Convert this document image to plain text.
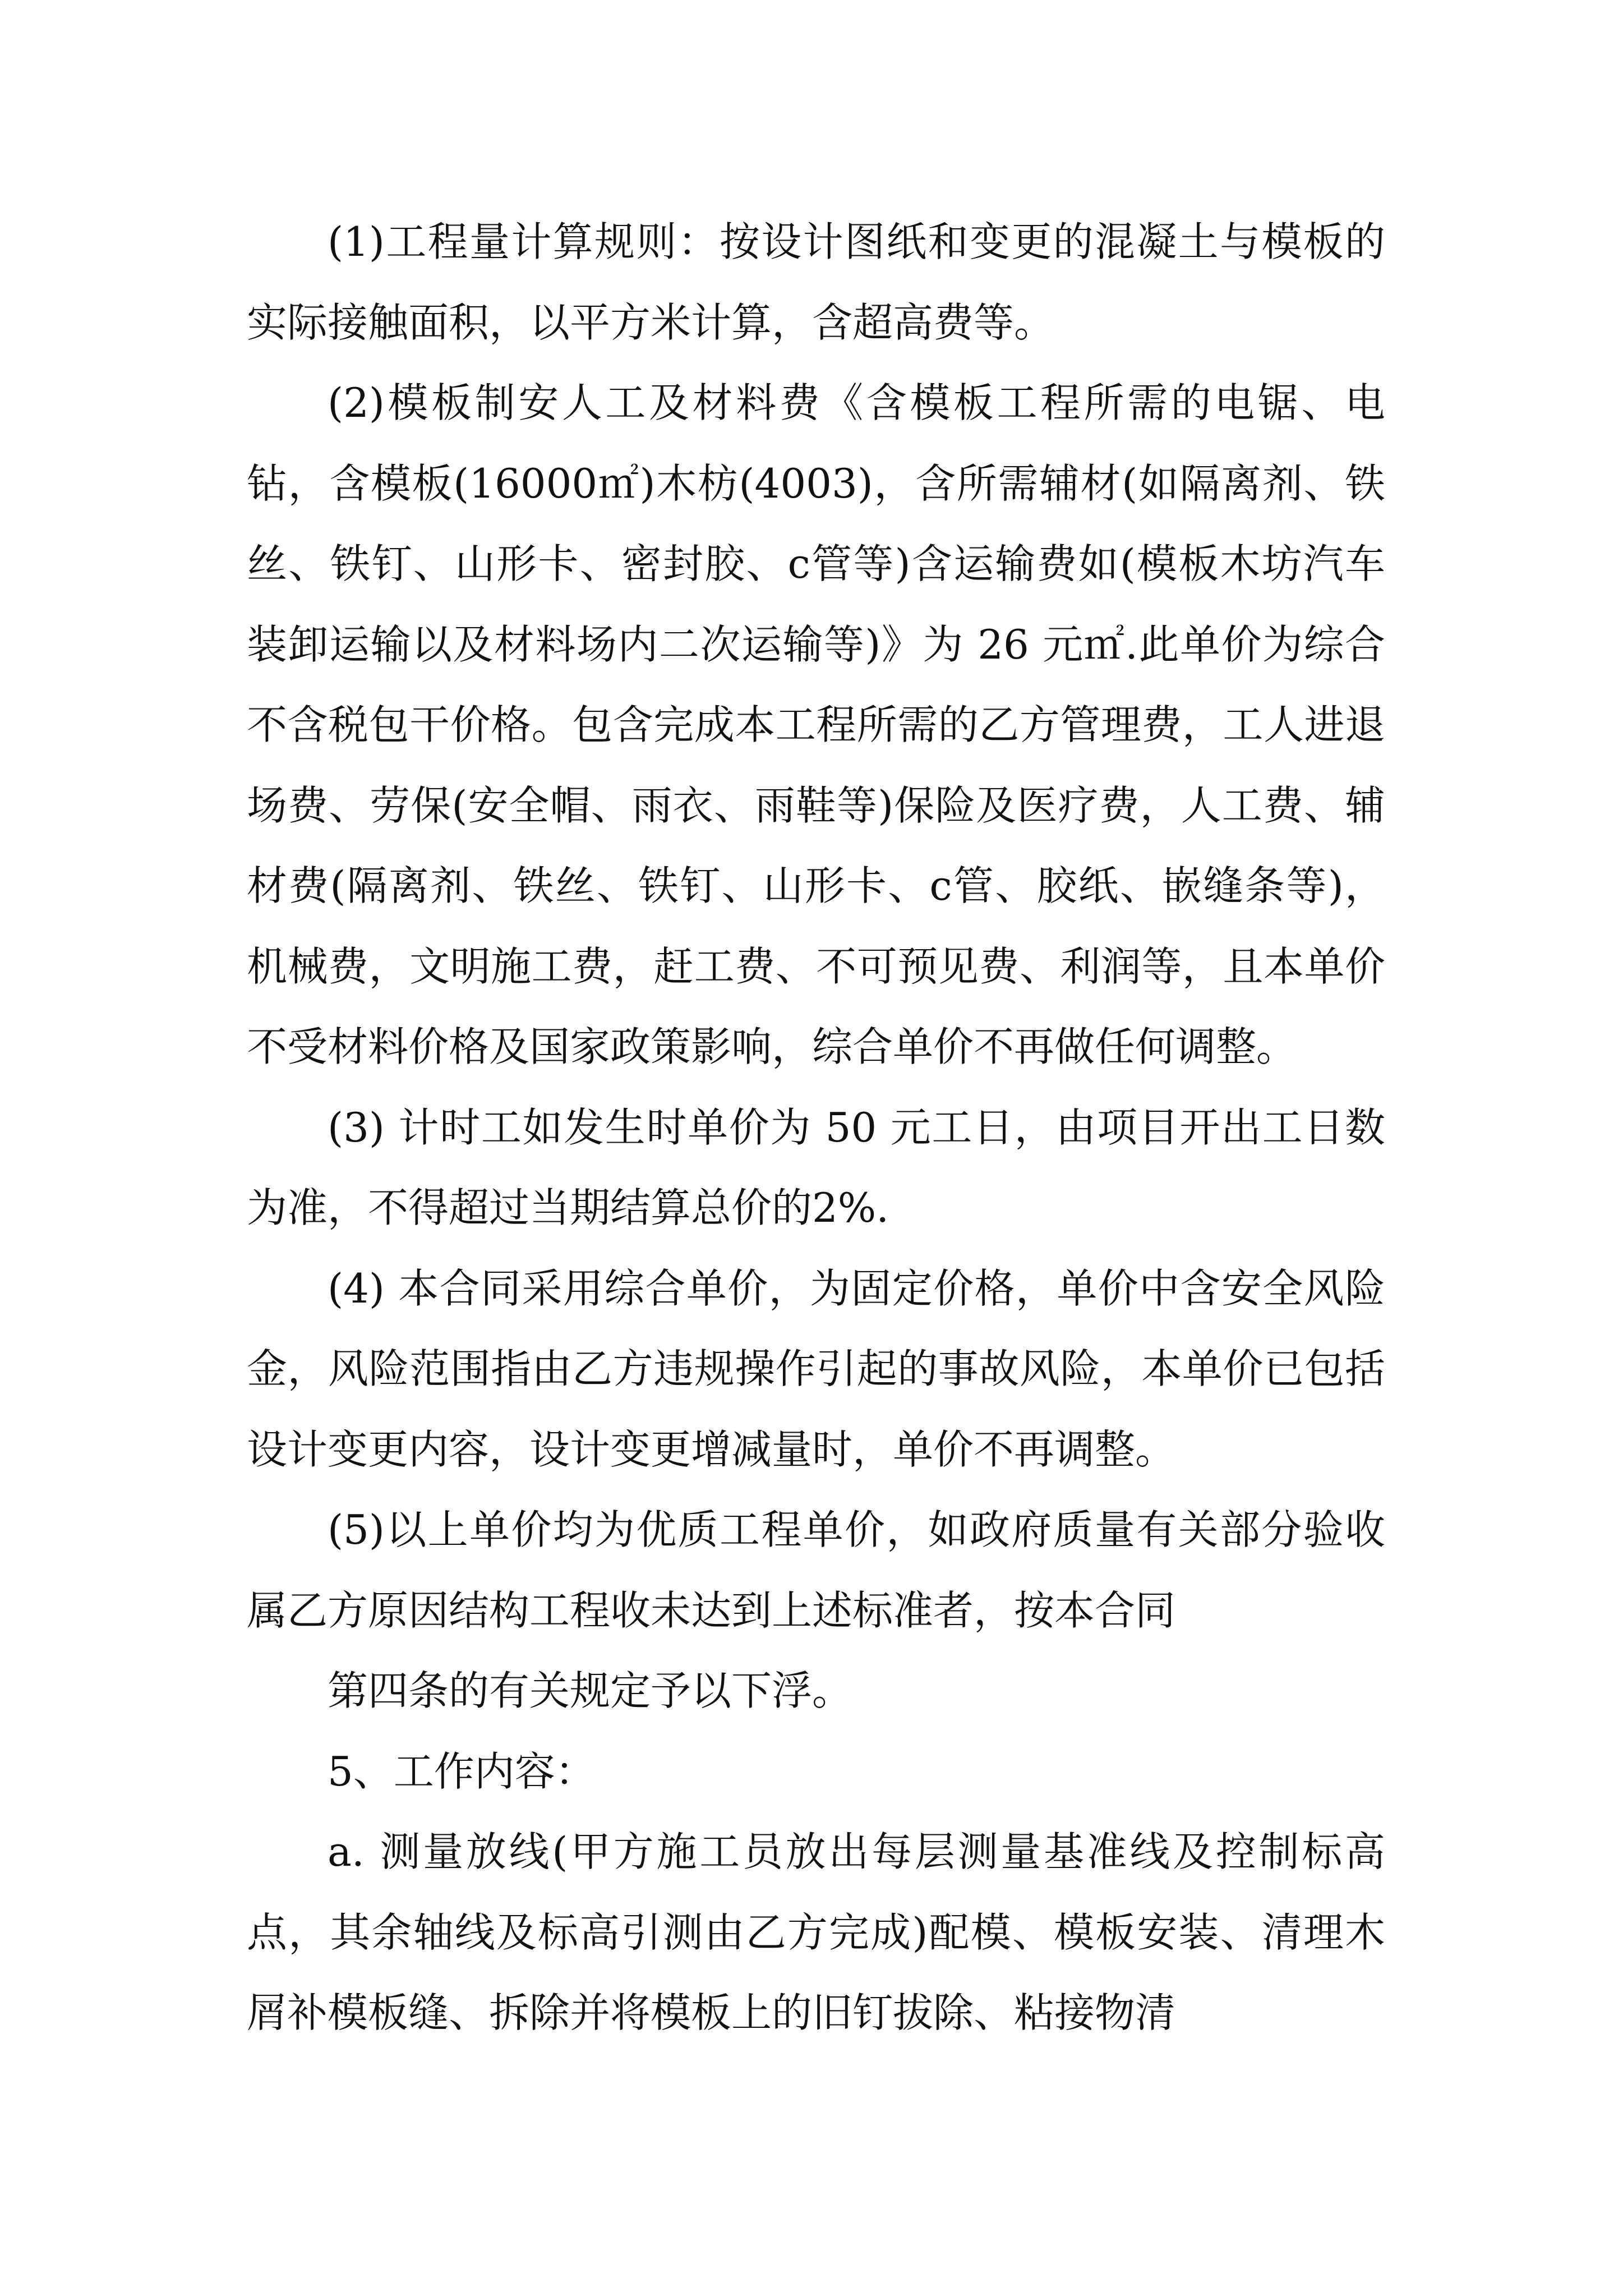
(1)工程量计算规则：按设计图纸和变更的混凝土与模板的实际接触面积，以平方米计算，含超高费等。

(2)模板制安人工及材料费《含模板工程所需的电锯、电钻，含模板(16000㎡)木枋(4003)，含所需辅材(如隔离剂、铁丝、铁钉、山形卡、密封胶、c管等)含运输费如(模板木坊汽车装卸运输以及材料场内二次运输等)》为 26 元㎡.此单价为综合不含税包干价格。包含完成本工程所需的乙方管理费，工人进退场费、劳保(安全帽、雨衣、雨鞋等)保险及医疗费，人工费、辅材费(隔离剂、铁丝、铁钉、山形卡、c管、胶纸、嵌缝条等)，机械费，文明施工费，赶工费、不可预见费、利润等，且本单价不受材料价格及国家政策影响，综合单价不再做任何调整。

(3) 计时工如发生时单价为 50 元工日，由项目开出工日数为准，不得超过当期结算总价的2%.

(4) 本合同采用综合单价，为固定价格，单价中含安全风险金，风险范围指由乙方违规操作引起的事故风险，本单价已包括设计变更内容，设计变更增减量时，单价不再调整。

(5)以上单价均为优质工程单价，如政府质量有关部分验收属乙方原因结构工程收未达到上述标准者，按本合同

第四条的有关规定予以下浮。

5、工作内容：

a. 测量放线(甲方施工员放出每层测量基准线及控制标高点，其余轴线及标高引测由乙方完成)配模、模板安装、清理木屑补模板缝、拆除并将模板上的旧钉拔除、粘接物清
